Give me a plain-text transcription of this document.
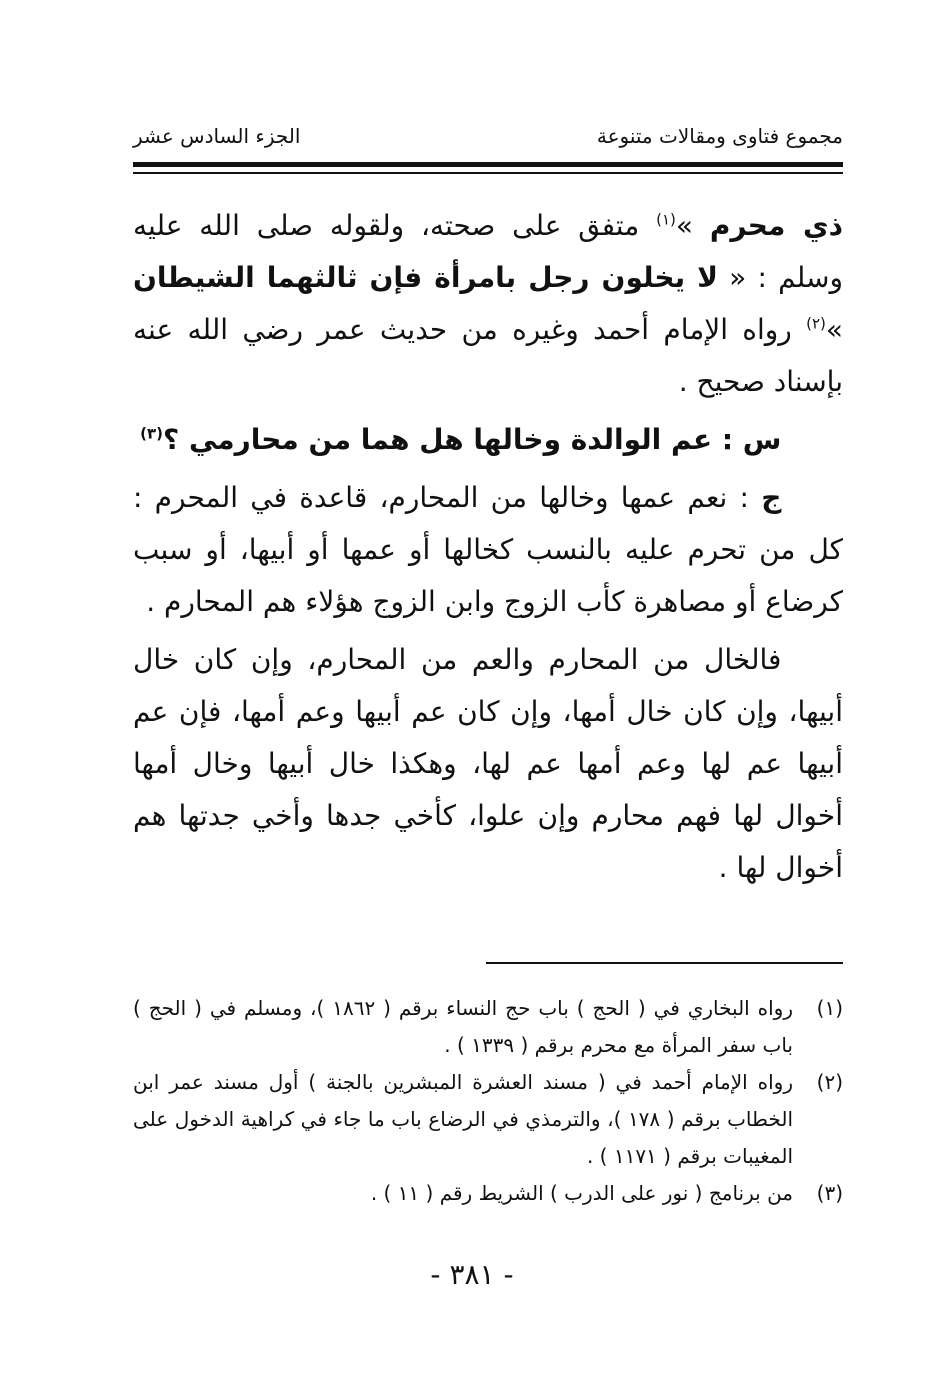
مجموع فتاوى ومقالات متنوعة
الجزء السادس عشر

ذي محرم »$^{(١)}$ متفق على صحته، ولقوله صلى الله عليه وسلم : « لا يخلون رجل بامرأة فإن ثالثهما الشيطان »$^{(٢)}$ رواه الإمام أحمد وغيره من حديث عمر رضي الله عنه بإسناد صحيح .

س : عم الوالدة وخالها هل هما من محارمي ؟$^{(٣)}$

ج : نعم عمها وخالها من المحارم، قاعدة في المحرم : كل من تحرم عليه بالنسب كخالها أو عمها أو أبيها، أو سبب كرضاع أو مصاهرة كأب الزوج وابن الزوج هؤلاء هم المحارم .

فالخال من المحارم والعم من المحارم، وإن كان خال أبيها، وإن كان خال أمها، وإن كان عم أبيها وعم أمها، فإن عم أبيها عم لها وعم أمها عم لها، وهكذا خال أبيها وخال أمها أخوال لها فهم محارم وإن علوا، كأخي جدها وأخي جدتها هم أخوال لها .

(١)
رواه البخاري في ( الحج ) باب حج النساء برقم ( ١٨٦٢ )، ومسلم في ( الحج ) باب سفر المرأة مع محرم برقم ( ١٣٣٩ ) .
(٢)
رواه الإمام أحمد في ( مسند العشرة المبشرين بالجنة ) أول مسند عمر ابن الخطاب برقم ( ١٧٨ )، والترمذي في الرضاع باب ما جاء في كراهية الدخول على المغيبات برقم ( ١١٧١ ) .
(٣)
من برنامج ( نور على الدرب ) الشريط رقم ( ١١ ) .
- ٣٨١ -
